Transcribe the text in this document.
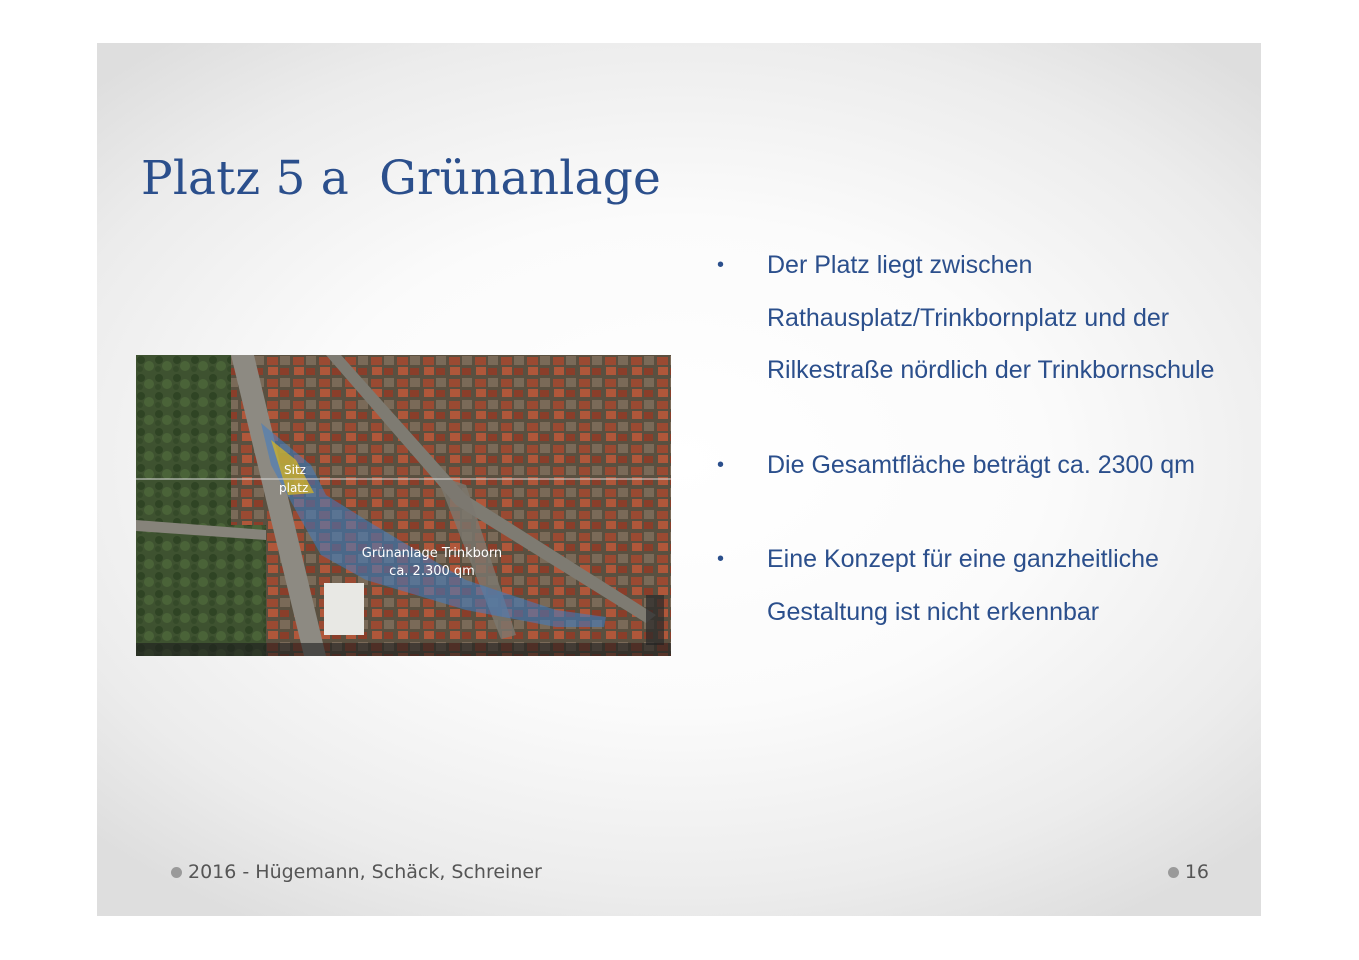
Platz 5 a  Grünanlage
Sitz
platz
Grünanlage Trinkborn
ca. 2.300 qm
• Der Platz liegt zwischen Rathausplatz/Trinkbornplatz und der Rilkestraße nördlich der Trinkbornschule
• Die Gesamtfläche beträgt ca. 2300 qm
• Eine Konzept für eine ganzheitliche Gestaltung ist nicht erkennbar
2016 - Hügemann, Schäck, Schreiner	16
